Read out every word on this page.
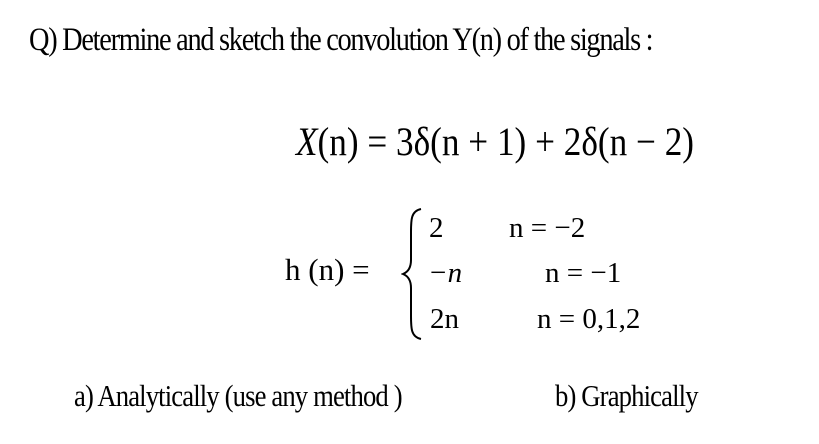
Q) Determine and sketch the convolution Y(n) of the signals :
X(n) = 3δ(n + 1) + 2δ(n − 2)
h (n) =
2
−n
2n
n = −2
n = −1
n = 0,1,2
a) Analytically (use any method )	b) Graphically
